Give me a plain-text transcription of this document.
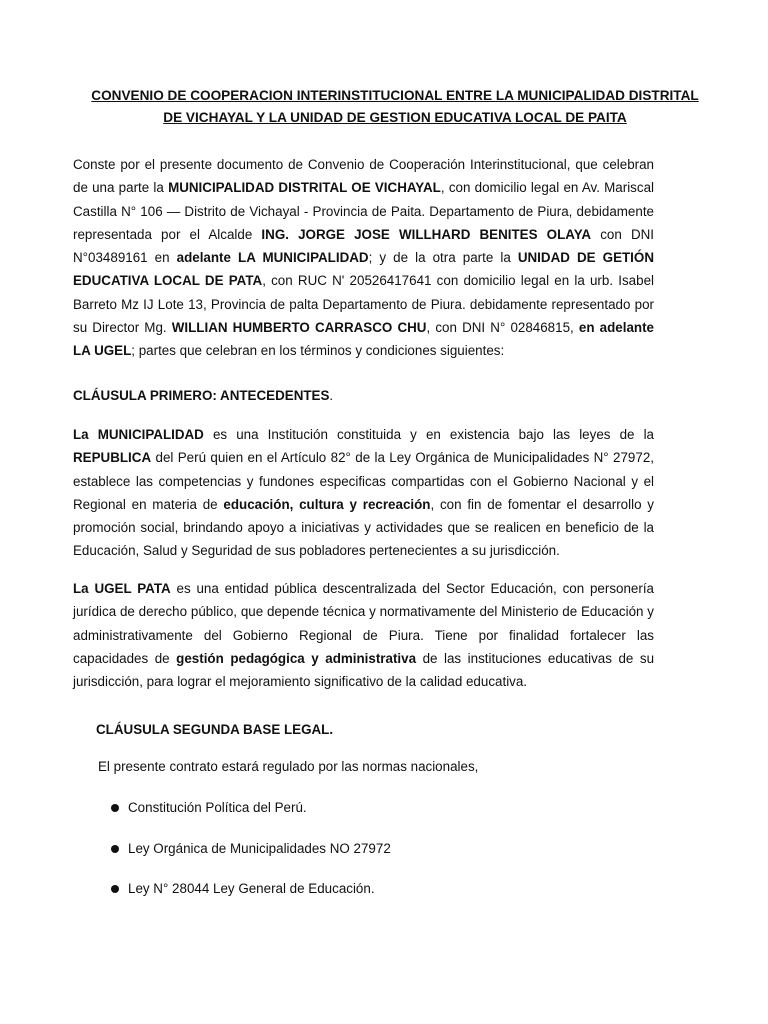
CONVENIO DE COOPERACION INTERINSTITUCIONAL ENTRE LA MUNICIPALIDAD DISTRITAL
DE VICHAYAL Y LA UNIDAD DE GESTION EDUCATIVA LOCAL DE PAITA

Conste por el presente documento de Convenio de Cooperación Interinstitucional, que celebran de una parte la MUNICIPALIDAD DISTRITAL OE VICHAYAL, con domicilio legal en Av. Mariscal Castilla N° 106 — Distrito de Vichayal - Provincia de Paita. Departamento de Piura, debidamente representada por el Alcalde ING. JORGE JOSE WILLHARD BENITES OLAYA con DNI N°03489161 en adelante LA MUNICIPALIDAD; y de la otra parte la UNIDAD DE GETIÓN EDUCATIVA LOCAL DE PATA, con RUC N' 20526417641 con domicilio legal en la urb. Isabel Barreto Mz IJ Lote 13, Provincia de palta Departamento de Piura. debidamente representado por su Director Mg. WILLIAN HUMBERTO CARRASCO CHU, con DNI N° 02846815, en adelante LA UGEL; partes que celebran en los términos y condiciones siguientes:

CLÁUSULA PRIMERO: ANTECEDENTES.

La MUNICIPALIDAD es una Institución constituida y en existencia bajo las leyes de la REPUBLICA del Perú quien en el Artículo 82° de la Ley Orgánica de Municipalidades N° 27972, establece las competencias y fundones especificas compartidas con el Gobierno Nacional y el Regional en materia de educación, cultura y recreación, con fin de fomentar el desarrollo y promoción social, brindando apoyo a iniciativas y actividades que se realicen en beneficio de la Educación, Salud y Seguridad de sus pobladores pertenecientes a su jurisdicción.

La UGEL PATA es una entidad pública descentralizada del Sector Educación, con personería jurídica de derecho público, que depende técnica y normativamente del Ministerio de Educación y administrativamente del Gobierno Regional de Piura. Tiene por finalidad fortalecer las capacidades de gestión pedagógica y administrativa de las instituciones educativas de su jurisdicción, para lograr el mejoramiento significativo de la calidad educativa.

CLÁUSULA SEGUNDA BASE LEGAL.

El presente contrato estará regulado por las normas nacionales,

Constitución Política del Perú.
Ley Orgánica de Municipalidades NO 27972
Ley N° 28044 Ley General de Educación.
